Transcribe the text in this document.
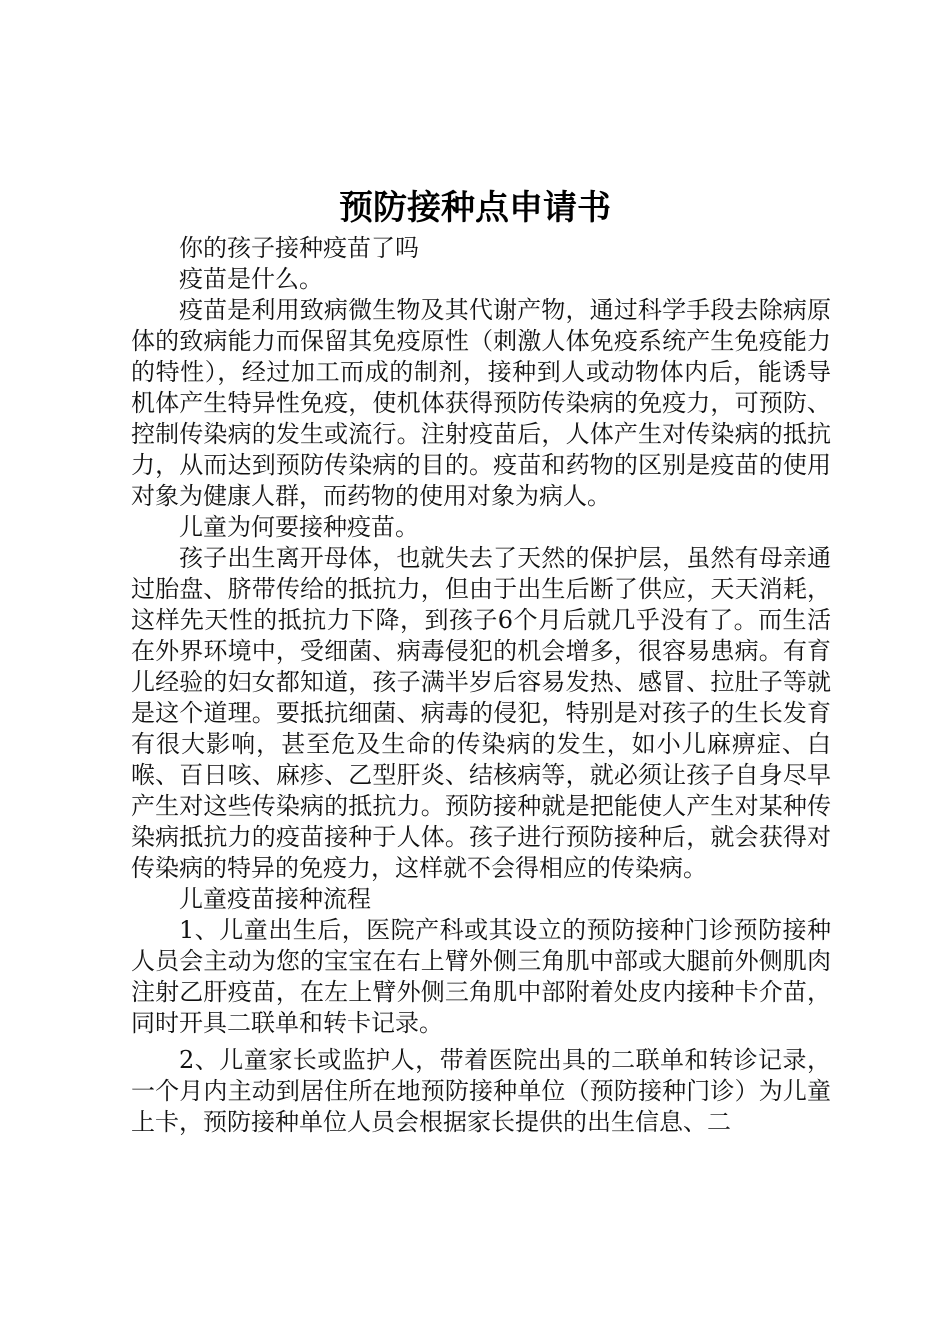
预防接种点申请书

你的孩子接种疫苗了吗

疫苗是什么。

疫苗是利用致病微生物及其代谢产物，通过科学手段去除病原体的致病能力而保留其免疫原性（刺激人体免疫系统产生免疫能力的特性），经过加工而成的制剂，接种到人或动物体内后，能诱导机体产生特异性免疫，使机体获得预防传染病的免疫力，可预防、控制传染病的发生或流行。注射疫苗后，人体产生对传染病的抵抗力，从而达到预防传染病的目的。疫苗和药物的区别是疫苗的使用对象为健康人群，而药物的使用对象为病人。

儿童为何要接种疫苗。

孩子出生离开母体，也就失去了天然的保护层，虽然有母亲通过胎盘、脐带传给的抵抗力，但由于出生后断了供应，天天消耗，这样先天性的抵抗力下降，到孩子6个月后就几乎没有了。而生活在外界环境中，受细菌、病毒侵犯的机会增多，很容易患病。有育儿经验的妇女都知道，孩子满半岁后容易发热、感冒、拉肚子等就是这个道理。要抵抗细菌、病毒的侵犯，特别是对孩子的生长发育有很大影响，甚至危及生命的传染病的发生，如小儿麻痹症、白喉、百日咳、麻疹、乙型肝炎、结核病等，就必须让孩子自身尽早产生对这些传染病的抵抗力。预防接种就是把能使人产生对某种传染病抵抗力的疫苗接种于人体。孩子进行预防接种后，就会获得对传染病的特异的免疫力，这样就不会得相应的传染病。

儿童疫苗接种流程

1、儿童出生后，医院产科或其设立的预防接种门诊预防接种人员会主动为您的宝宝在右上臂外侧三角肌中部或大腿前外侧肌肉注射乙肝疫苗，在左上臂外侧三角肌中部附着处皮内接种卡介苗，同时开具二联单和转卡记录。

2、儿童家长或监护人，带着医院出具的二联单和转诊记录，一个月内主动到居住所在地预防接种单位（预防接种门诊）为儿童上卡，预防接种单位人员会根据家长提供的出生信息、二
